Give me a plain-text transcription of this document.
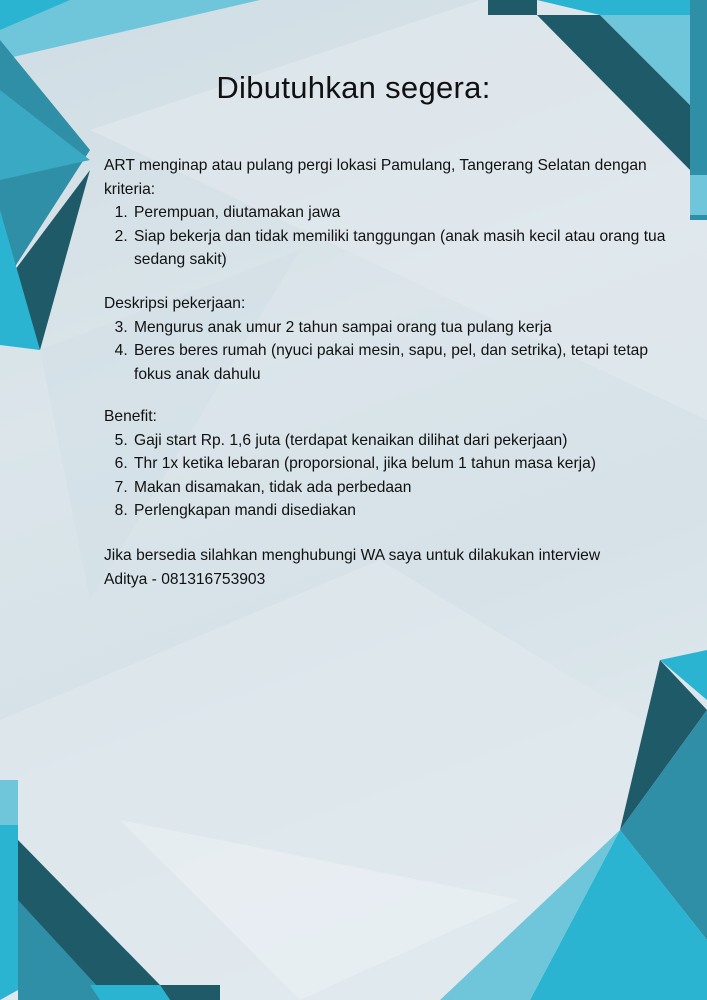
Dibutuhkan segera:
ART menginap atau pulang pergi lokasi Pamulang, Tangerang Selatan dengan kriteria:
1. Perempuan, diutamakan jawa
2. Siap bekerja dan tidak memiliki tanggungan (anak masih kecil atau orang tua sedang sakit)
Deskripsi pekerjaan:
3. Mengurus anak umur 2 tahun sampai orang tua pulang kerja
4. Beres beres rumah (nyuci pakai mesin, sapu, pel, dan setrika), tetapi tetap fokus anak dahulu
Benefit:
5. Gaji start Rp. 1,6 juta (terdapat kenaikan dilihat dari pekerjaan)
6. Thr 1x ketika lebaran (proporsional, jika belum 1 tahun masa kerja)
7. Makan disamakan, tidak ada perbedaan
8. Perlengkapan mandi disediakan
Jika bersedia silahkan menghubungi WA saya untuk dilakukan interview
Aditya - 081316753903
